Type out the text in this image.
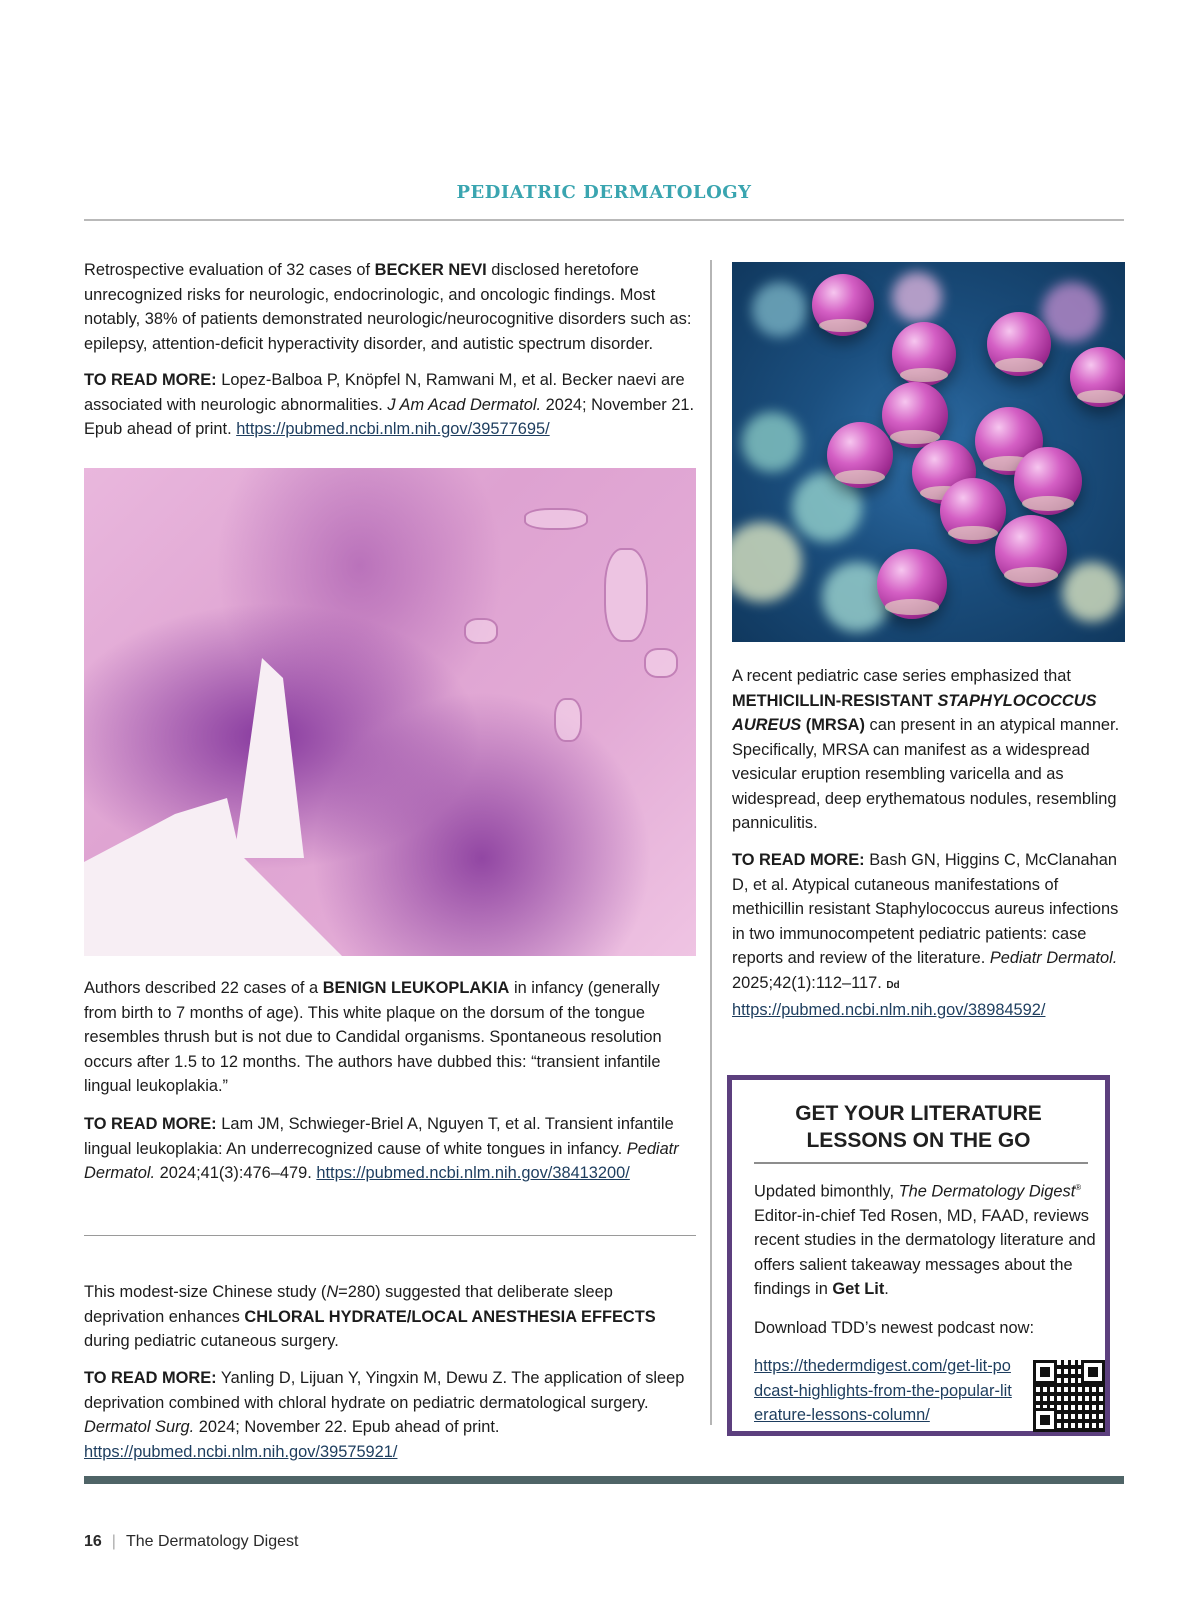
PEDIATRIC DERMATOLOGY

Retrospective evaluation of 32 cases of BECKER NEVI disclosed heretofore unrecognized risks for neurologic, endocrinologic, and oncologic findings. Most notably, 38% of patients demonstrated neurologic/neurocognitive disorders such as: epilepsy, attention-deficit hyperactivity disorder, and autistic spectrum disorder.

TO READ MORE: Lopez-Balboa P, Knöpfel N, Ramwani M, et al. Becker naevi are associated with neurologic abnormalities. J Am Acad Dermatol. 2024; November 21. Epub ahead of print. https://pubmed.ncbi.nlm.nih.gov/39577695/

Authors described 22 cases of a BENIGN LEUKOPLAKIA in infancy (generally from birth to 7 months of age). This white plaque on the dorsum of the tongue resembles thrush but is not due to Candidal organisms. Spontaneous resolution occurs after 1.5 to 12 months. The authors have dubbed this: “transient infantile lingual leukoplakia.”

TO READ MORE: Lam JM, Schwieger-Briel A, Nguyen T, et al. Transient infantile lingual leukoplakia: An underrecognized cause of white tongues in infancy. Pediatr Dermatol. 2024;41(3):476–479. https://pubmed.ncbi.nlm.nih.gov/38413200/

This modest-size Chinese study (N=280) suggested that deliberate sleep deprivation enhances CHLORAL HYDRATE/LOCAL ANESTHESIA EFFECTS during pediatric cutaneous surgery.

TO READ MORE: Yanling D, Lijuan Y, Yingxin M, Dewu Z. The application of sleep deprivation combined with chloral hydrate on pediatric dermatological surgery. Dermatol Surg. 2024; November 22. Epub ahead of print. https://pubmed.ncbi.nlm.nih.gov/39575921/

A recent pediatric case series emphasized that METHICILLIN-RESISTANT STAPHYLOCOCCUS AUREUS (MRSA) can present in an atypical manner. Specifically, MRSA can manifest as a widespread vesicular eruption resembling varicella and as widespread, deep erythematous nodules, resembling panniculitis.

TO READ MORE: Bash GN, Higgins C, McClanahan D, et al. Atypical cutaneous manifestations of methicillin resistant Staphylococcus aureus infections in two immunocompetent pediatric patients: case reports and review of the literature. Pediatr Dermatol. 2025;42(1):112–117. Dd
https://pubmed.ncbi.nlm.nih.gov/38984592/

GET YOUR LITERATURE LESSONS ON THE GO

Updated bimonthly, The Dermatology Digest® Editor-in-chief Ted Rosen, MD, FAAD, reviews recent studies in the dermatology literature and offers salient takeaway messages about the findings in Get Lit.

Download TDD’s newest podcast now:

https://thedermdigest.com/get-lit-podcast-highlights-from-the-popular-literature-lessons-column/

16 | The Dermatology Digest
